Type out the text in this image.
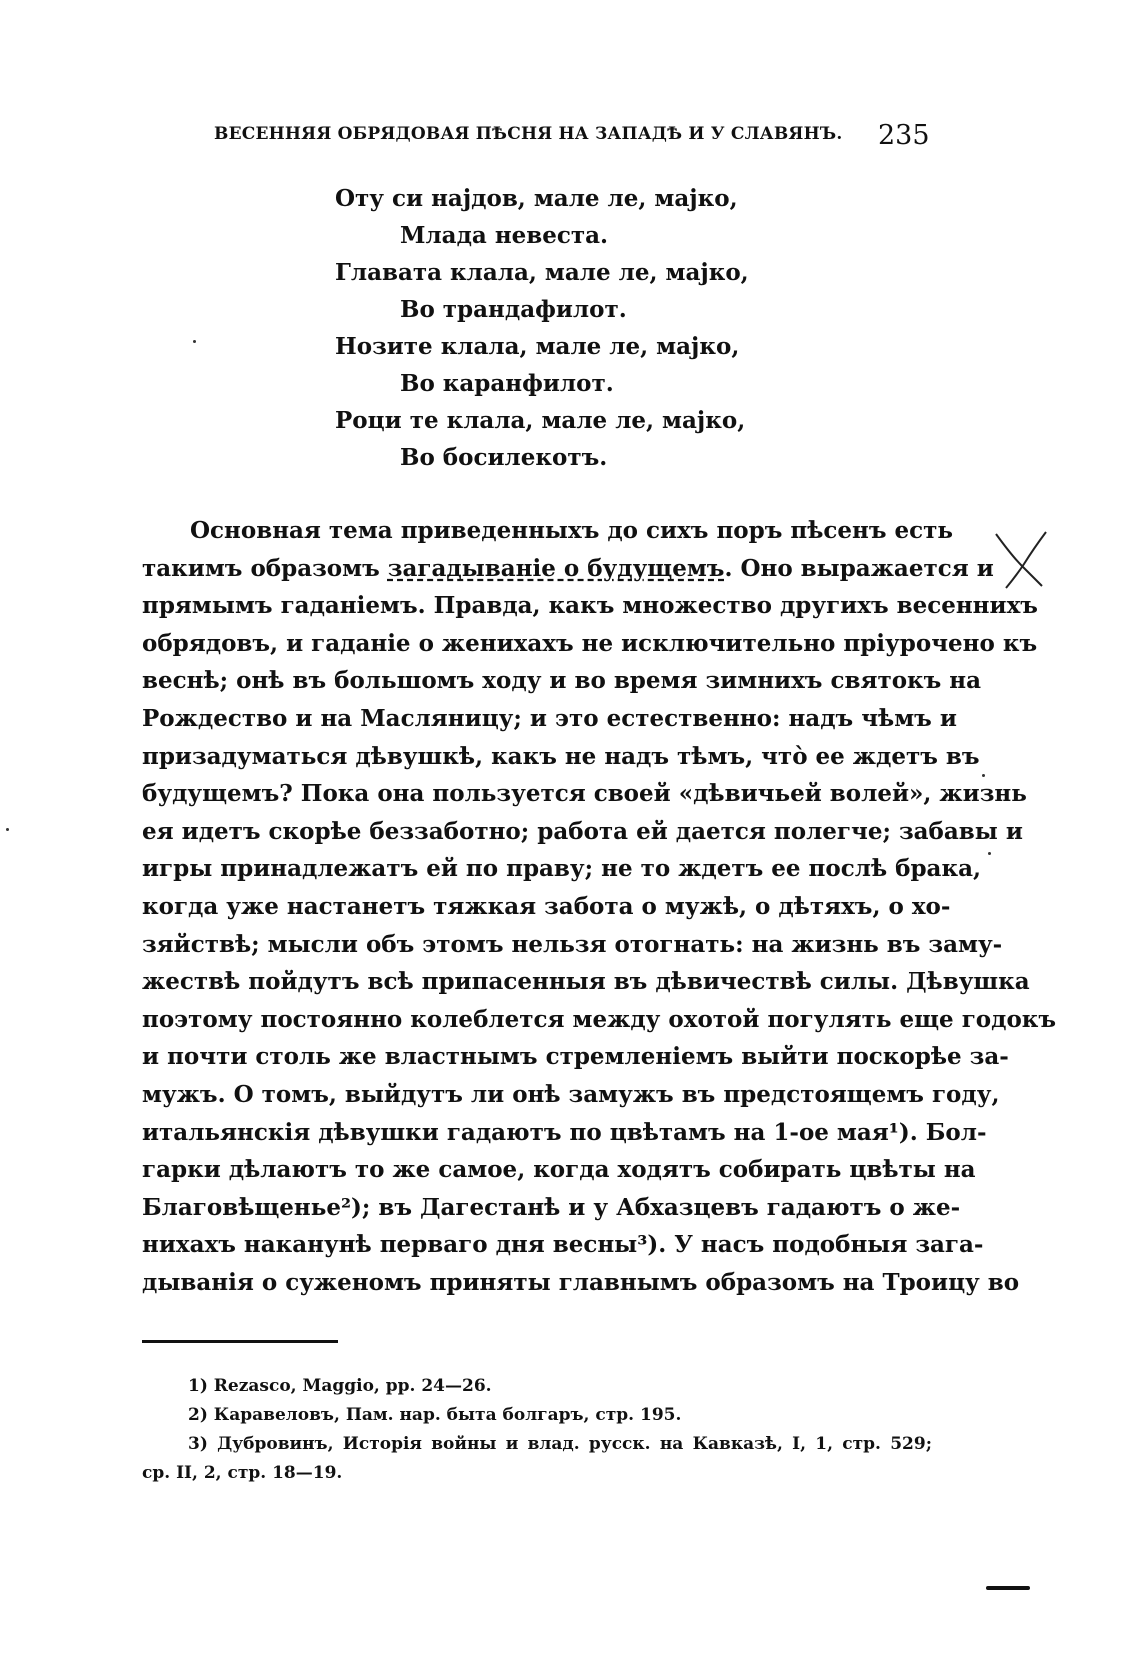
ВЕСЕННЯЯ ОБРЯДОВАЯ ПѢСНЯ НА ЗАПАДѢ И У СЛАВЯНЪ. 235
Оту си најдов, мале ле, мајко,
Млада невеста.
Главата клала, мале ле, мајко,
Во трандафилот.
Нозите клала, мале ле, мајко,
Во каранфилот.
Роци те клала, мале ле, мајко,
Во босилекотъ.
Основная тема приведенныхъ до сихъ поръ пѣсенъ есть
такимъ образомъ загадываніе о будущемъ. Оно выражается и
прямымъ гаданіемъ. Правда, какъ множество другихъ весеннихъ
обрядовъ, и гаданіе о женихахъ не исключительно пріурочено къ
веснѣ; онѣ въ большомъ ходу и во время зимнихъ святокъ на
Рождество и на Масляницу; и это естественно: надъ чѣмъ и
призадуматься дѣвушкѣ, какъ не надъ тѣмъ, что̀ ее ждетъ въ
будущемъ? Пока она пользуется своей «дѣвичьей волей», жизнь
ея идетъ скорѣе беззаботно; работа ей дается полегче; забавы и
игры принадлежатъ ей по праву; не то ждетъ ее послѣ брака,
когда уже настанетъ тяжкая забота о мужѣ, о дѣтяхъ, о хо-
зяйствѣ; мысли объ этомъ нельзя отогнать: на жизнь въ заму-
жествѣ пойдутъ всѣ припасенныя въ дѣвичествѣ силы. Дѣвушка
поэтому постоянно колеблется между охотой погулять еще годокъ
и почти столь же властнымъ стремленіемъ выйти поскорѣе за-
мужъ. О томъ, выйдутъ ли онѣ замужъ въ предстоящемъ году,
итальянскія дѣвушки гадаютъ по цвѣтамъ на 1-ое мая¹). Бол-
гарки дѣлаютъ то же самое, когда ходятъ собирать цвѣты на
Благовѣщенье²); въ Дагестанѣ и у Абхазцевъ гадаютъ о же-
нихахъ наканунѣ перваго дня весны³). У насъ подобныя зага-
дыванія о суженомъ приняты главнымъ образомъ на Троицу во
1) Rezasco, Maggio, pp. 24—26.
2) Каравеловъ, Пам. нар. быта болгаръ, стр. 195.
3) Дубровинъ, Исторія войны и влад. русск. на Кавказѣ, I, 1, стр. 529;
ср. II, 2, стр. 18—19.
